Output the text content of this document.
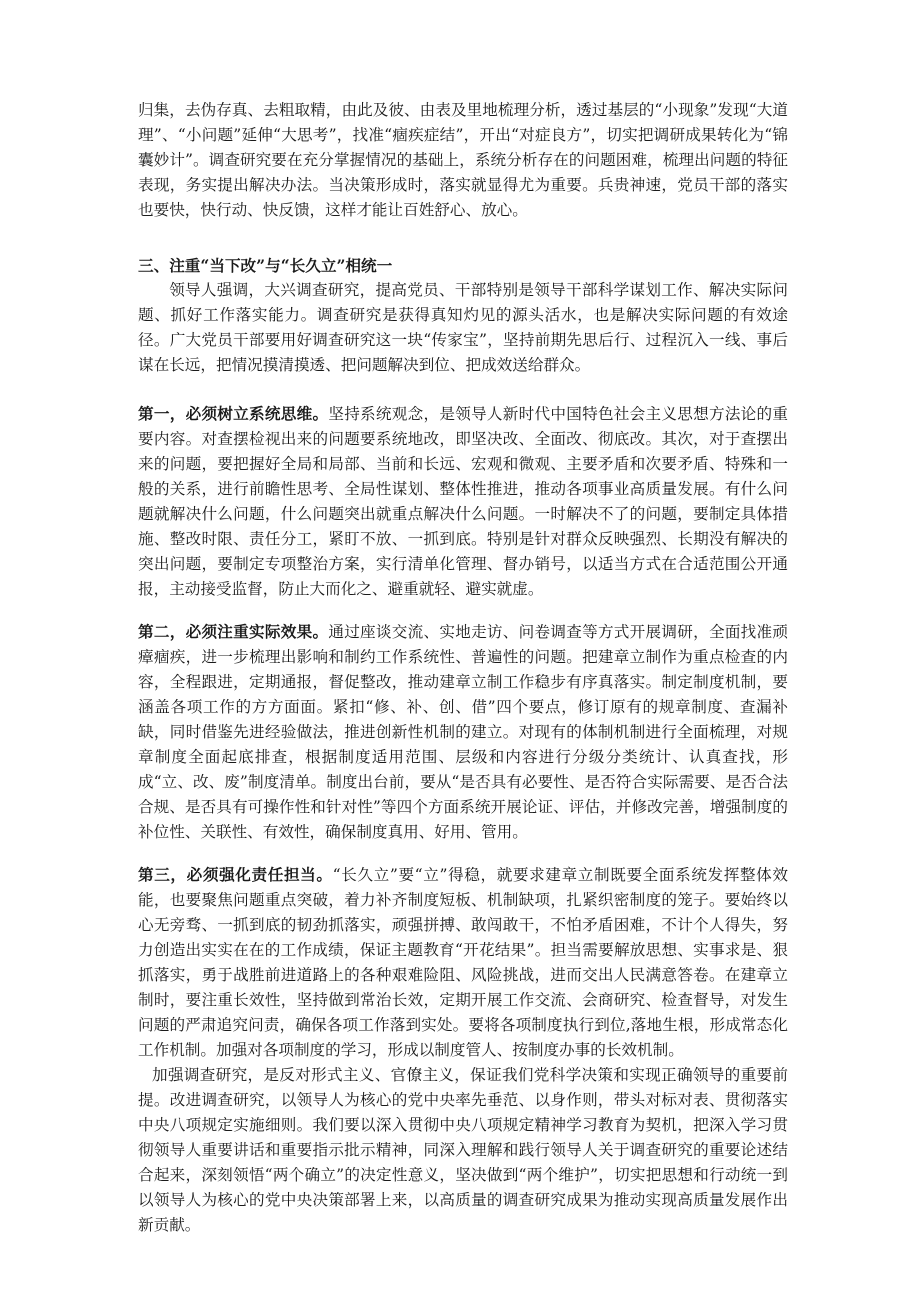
归集，去伪存真、去粗取精，由此及彼、由表及里地梳理分析，透过基层的“小现象”发现“大道理”、“小问题”延伸“大思考”，找准“痼疾症结”，开出“对症良方”，切实把调研成果转化为“锦囊妙计”。调查研究要在充分掌握情况的基础上，系统分析存在的问题困难，梳理出问题的特征表现，务实提出解决办法。当决策形成时，落实就显得尤为重要。兵贵神速，党员干部的落实也要快，快行动、快反馈，这样才能让百姓舒心、放心。

三、注重“当下改”与“长久立”相统一

领导人强调，大兴调查研究，提高党员、干部特别是领导干部科学谋划工作、解决实际问题、抓好工作落实能力。调查研究是获得真知灼见的源头活水，也是解决实际问题的有效途径。广大党员干部要用好调查研究这一块“传家宝”，坚持前期先思后行、过程沉入一线、事后谋在长远，把情况摸清摸透、把问题解决到位、把成效送给群众。

第一，必须树立系统思维。坚持系统观念，是领导人新时代中国特色社会主义思想方法论的重要内容。对查摆检视出来的问题要系统地改，即坚决改、全面改、彻底改。其次，对于查摆出来的问题，要把握好全局和局部、当前和长远、宏观和微观、主要矛盾和次要矛盾、特殊和一般的关系，进行前瞻性思考、全局性谋划、整体性推进，推动各项事业高质量发展。有什么问题就解决什么问题，什么问题突出就重点解决什么问题。一时解决不了的问题，要制定具体措施、整改时限、责任分工，紧盯不放、一抓到底。特别是针对群众反映强烈、长期没有解决的突出问题，要制定专项整治方案，实行清单化管理、督办销号，以适当方式在合适范围公开通报，主动接受监督，防止大而化之、避重就轻、避实就虚。

第二，必须注重实际效果。通过座谈交流、实地走访、问卷调查等方式开展调研，全面找准顽瘴痼疾，进一步梳理出影响和制约工作系统性、普遍性的问题。把建章立制作为重点检查的内容，全程跟进，定期通报，督促整改，推动建章立制工作稳步有序真落实。制定制度机制，要涵盖各项工作的方方面面。紧扣“修、补、创、借”四个要点，修订原有的规章制度、查漏补缺，同时借鉴先进经验做法，推进创新性机制的建立。对现有的体制机制进行全面梳理，对规章制度全面起底排查，根据制度适用范围、层级和内容进行分级分类统计、认真查找，形成“立、改、废”制度清单。制度出台前，要从“是否具有必要性、是否符合实际需要、是否合法合规、是否具有可操作性和针对性”等四个方面系统开展论证、评估，并修改完善，增强制度的补位性、关联性、有效性，确保制度真用、好用、管用。

第三，必须强化责任担当。“长久立”要“立”得稳，就要求建章立制既要全面系统发挥整体效能，也要聚焦问题重点突破，着力补齐制度短板、机制缺项，扎紧织密制度的笼子。要始终以心无旁骛、一抓到底的韧劲抓落实，顽强拼搏、敢闯敢干，不怕矛盾困难，不计个人得失，努力创造出实实在在的工作成绩，保证主题教育“开花结果”。担当需要解放思想、实事求是、狠抓落实，勇于战胜前进道路上的各种艰难险阻、风险挑战，进而交出人民满意答卷。在建章立制时，要注重长效性，坚持做到常治长效，定期开展工作交流、会商研究、检查督导，对发生问题的严肃追究问责，确保各项工作落到实处。要将各项制度执行到位,落地生根，形成常态化工作机制。加强对各项制度的学习，形成以制度管人、按制度办事的长效机制。

加强调查研究，是反对形式主义、官僚主义，保证我们党科学决策和实现正确领导的重要前提。改进调查研究，以领导人为核心的党中央率先垂范、以身作则，带头对标对表、贯彻落实中央八项规定实施细则。我们要以深入贯彻中央八项规定精神学习教育为契机，把深入学习贯彻领导人重要讲话和重要指示批示精神，同深入理解和践行领导人关于调查研究的重要论述结合起来，深刻领悟“两个确立”的决定性意义，坚决做到“两个维护”，切实把思想和行动统一到以领导人为核心的党中央决策部署上来，以高质量的调查研究成果为推动实现高质量发展作出新贡献。
